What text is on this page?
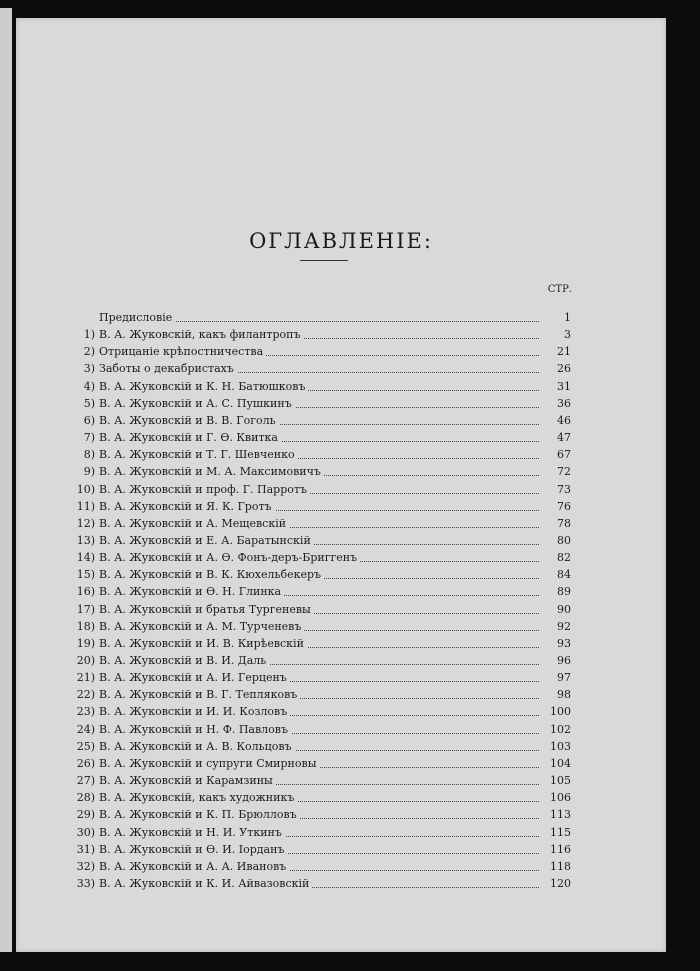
ОГЛАВЛЕНІЕ:
СТР.
Предисловіе	1
1) В. А. Жуковскій, какъ филантропъ	3
2) Отрицаніе крѣпостничества	21
3) Заботы о декабристахъ	26
4) В. А. Жуковскій и К. Н. Батюшковъ	31
5) В. А. Жуковскій и А. С. Пушкинъ	36
6) В. А. Жуковскій и В. В. Гоголь	46
7) В. А. Жуковскій и Г. Ѳ. Квитка	47
8) В. А. Жуковскій и Т. Г. Шевченко	67
9) В. А. Жуковскій и М. А. Максимовичъ	72
10) В. А. Жуковскій и проф. Г. Парротъ	73
11) В. А. Жуковскій и Я. К. Гротъ	76
12) В. А. Жуковскій и А. Мещевскій	78
13) В. А. Жуковскій и Е. А. Баратынскій	80
14) В. А. Жуковскій и А. Ѳ. Фонъ-деръ-Бриггенъ	82
15) В. А. Жуковскій и В. К. Кюхельбекеръ	84
16) В. А. Жуковскій и Ѳ. Н. Глинка	89
17) В. А. Жуковскій и братья Тургеневы	90
18) В. А. Жуковскій и А. М. Турченевъ	92
19) В. А. Жуковскій и И. В. Кирѣевскій	93
20) В. А. Жуковскій и В. И. Даль	96
21) В. А. Жуковскій и А. И. Герценъ	97
22) В. А. Жуковскій и В. Г. Тепляковъ	98
23) В. А. Жуковскiи и И. И. Козловъ	100
24) В. А. Жуковскій и Н. Ф. Павловъ	102
25) В. А. Жуковскій и А. В. Кольцовъ	103
26) В. А. Жуковскій и супруги Смирновы	104
27) В. А. Жуковскій и Карамзины	105
28) В. А. Жуковскій, какъ художникъ	106
29) В. А. Жуковскій и К. П. Брюлловъ	113
30) В. А. Жуковскій и Н. И. Уткинъ	115
31) В. А. Жуковскій и Ѳ. И. Iорданъ	116
32) В. А. Жуковскій и А. А. Ивановъ	118
33) В. А. Жуковскій и К. И. Айвазовскій	120
